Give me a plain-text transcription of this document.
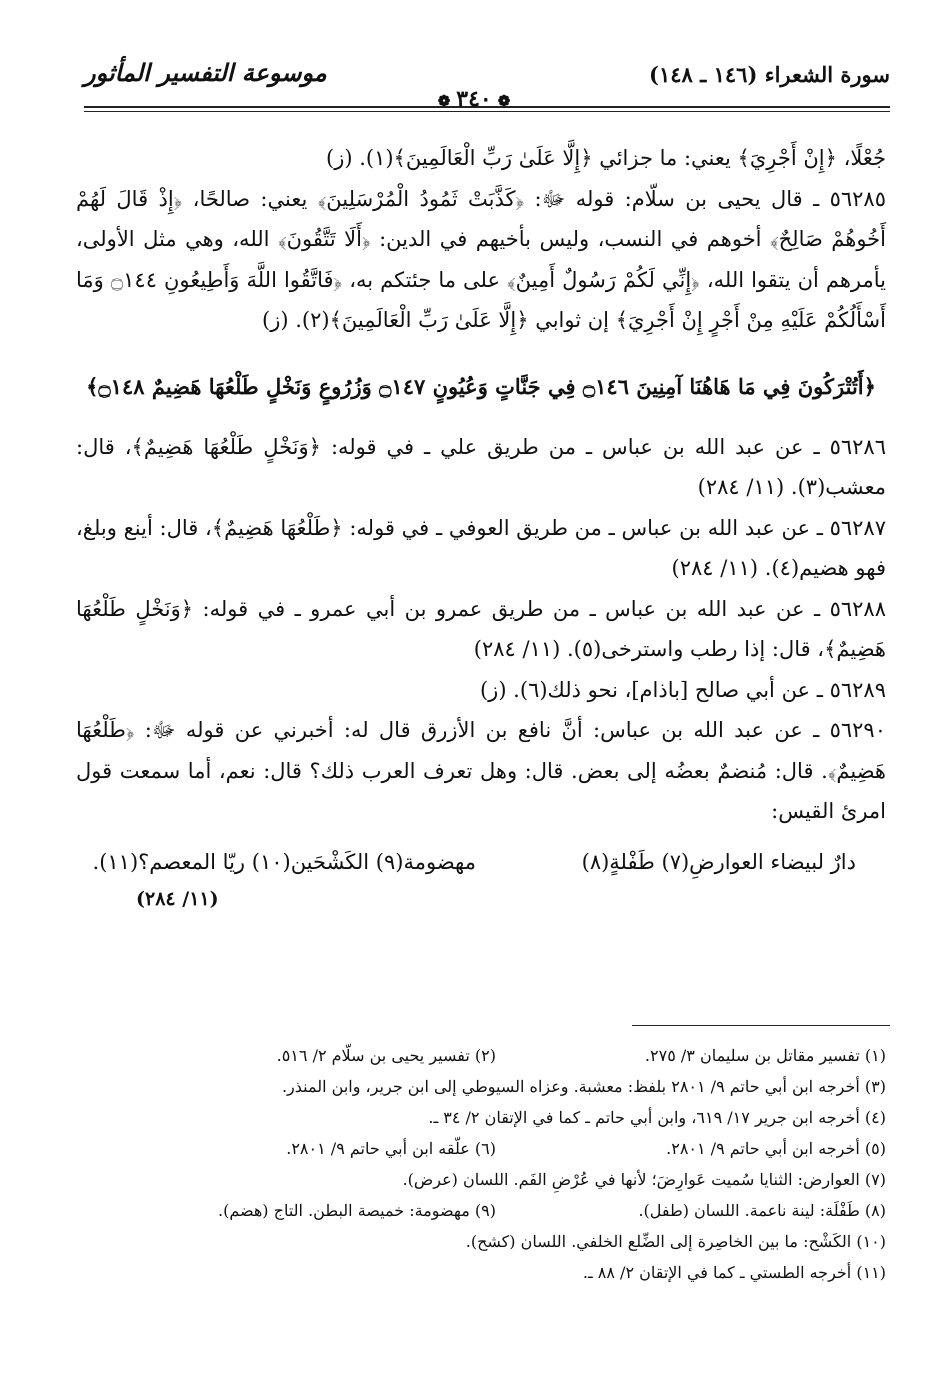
سورة الشعراء (١٤٦ ـ ١٤٨)
موسوعة التفسير المأثور
❁٣٤٠❁

جُعْلًا، ﴿إِنْ أَجْرِيَ﴾ يعني: ما جزائي ﴿إِلَّا عَلَىٰ رَبِّ الْعَالَمِينَ﴾(١). (ز)

٥٦٢٨٥ ـ قال يحيى بن سلّام: قوله ﷻ: ﴿كَذَّبَتْ ثَمُودُ الْمُرْسَلِينَ﴾ يعني: صالحًا، ﴿إِذْ قَالَ لَهُمْ أَخُوهُمْ صَالِحٌ﴾ أخوهم في النسب، وليس بأخيهم في الدين: ﴿أَلَا تَتَّقُونَ﴾ الله، وهي مثل الأولى، يأمرهم أن يتقوا الله، ﴿إِنِّي لَكُمْ رَسُولٌ أَمِينٌ﴾ على ما جئتكم به، ﴿فَاتَّقُوا اللَّهَ وَأَطِيعُونِ ۝١٤٤ وَمَا أَسْأَلُكُمْ عَلَيْهِ مِنْ أَجْرٍ إِنْ أَجْرِيَ﴾ إن ثوابي ﴿إِلَّا عَلَىٰ رَبِّ الْعَالَمِينَ﴾(٢). (ز)

﴿أَتُتْرَكُونَ فِي مَا هَاهُنَا آمِنِينَ ۝١٤٦ فِي جَنَّاتٍ وَعُيُونٍ ۝١٤٧ وَزُرُوعٍ وَنَخْلٍ طَلْعُهَا هَضِيمٌ ۝١٤٨﴾

٥٦٢٨٦ ـ عن عبد الله بن عباس ـ من طريق علي ـ في قوله: ﴿وَنَخْلٍ طَلْعُهَا هَضِيمٌ﴾، قال: معشب(٣). (١١/ ٢٨٤)

٥٦٢٨٧ ـ عن عبد الله بن عباس ـ من طريق العوفي ـ في قوله: ﴿طَلْعُهَا هَضِيمٌ﴾، قال: أينع وبلغ، فهو هضيم(٤). (١١/ ٢٨٤)

٥٦٢٨٨ ـ عن عبد الله بن عباس ـ من طريق عمرو بن أبي عمرو ـ في قوله: ﴿وَنَخْلٍ طَلْعُهَا هَضِيمٌ﴾، قال: إذا رطب واسترخى(٥). (١١/ ٢٨٤)

٥٦٢٨٩ ـ عن أبي صالح [باذام]، نحو ذلك(٦). (ز)

٥٦٢٩٠ ـ عن عبد الله بن عباس: أنَّ نافع بن الأزرق قال له: أخبرني عن قوله ﷻ: ﴿طَلْعُهَا هَضِيمٌ﴾. قال: مُنضمٌ بعضُه إلى بعض. قال: وهل تعرف العرب ذلك؟ قال: نعم، أما سمعت قول امرئ القيس:

دارٌ لبيضاء العوارضِ(٧) طَفْلةٍ(٨)
مهضومة(٩) الكَشْحَين(١٠) ريّا المعصم؟(١١).
(١١/ ٢٨٤)
(١) تفسير مقاتل بن سليمان ٣/ ٢٧٥.
(٢) تفسير يحيى بن سلّام ٢/ ٥١٦.
(٣) أخرجه ابن أبي حاتم ٩/ ٢٨٠١ بلفظ: معشبة. وعزاه السيوطي إلى ابن جرير، وابن المنذر.
(٤) أخرجه ابن جرير ١٧/ ٦١٩، وابن أبي حاتم ـ كما في الإتقان ٢/ ٣٤ ـ.
(٥) أخرجه ابن أبي حاتم ٩/ ٢٨٠١.
(٦) علّقه ابن أبي حاتم ٩/ ٢٨٠١.
(٧) العوارض: الثنايا سُميت عَوارِضَ؛ لأنها في عُرْضِ الفَم. اللسان (عرض).
(٨) طَفْلَة: لينة ناعمة. اللسان (طفل).
(٩) مهضومة: خميصة البطن. التاج (هضم).
(١٠) الكَشْح: ما بين الخاصِرة إلى الضِّلع الخلفي. اللسان (كشح).
(١١) أخرجه الطستي ـ كما في الإتقان ٢/ ٨٨ ـ.
